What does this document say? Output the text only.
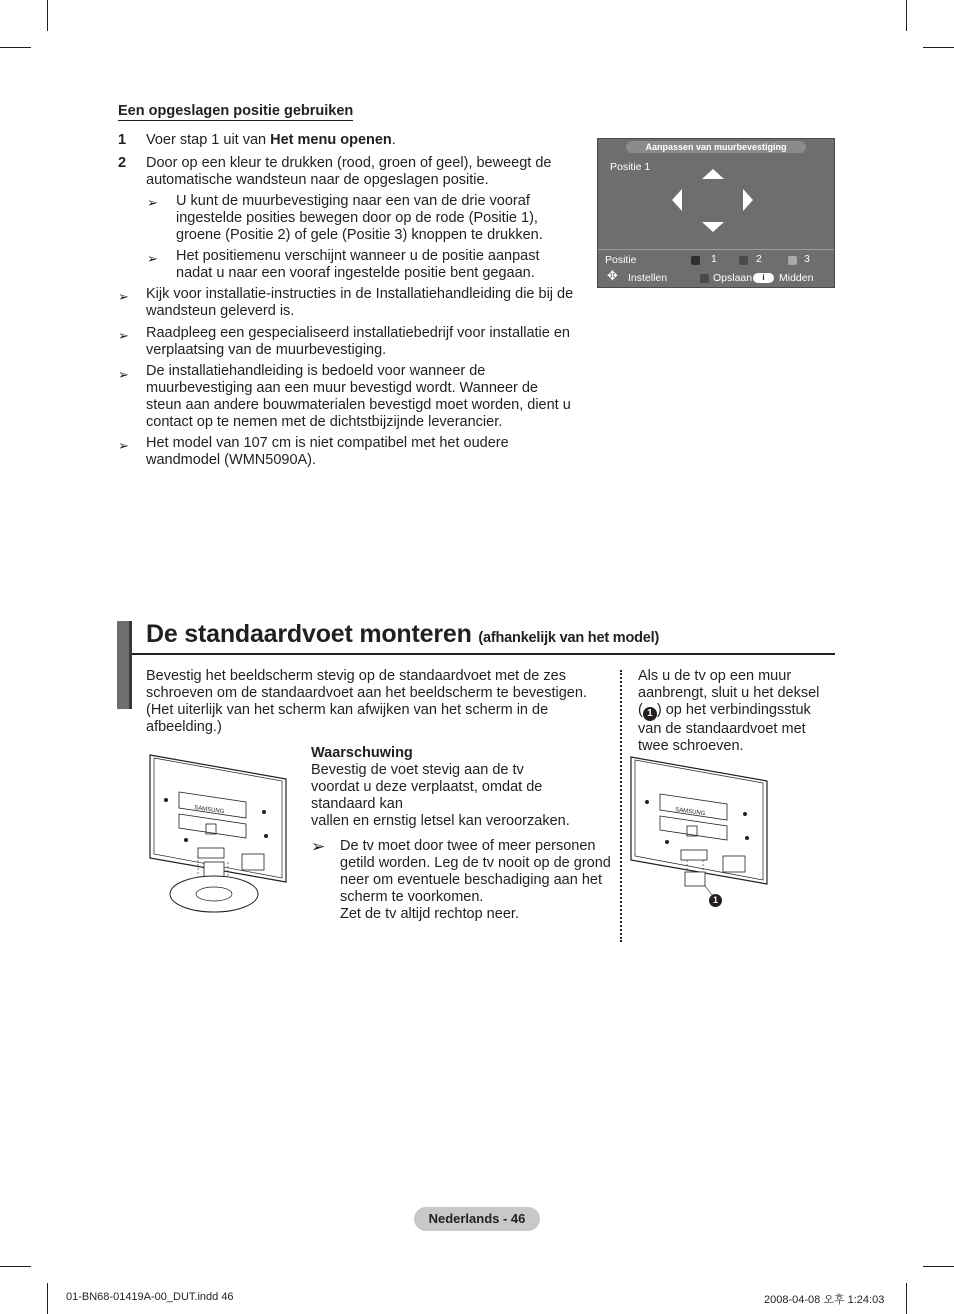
Een opgeslagen positie gebruiken
1 Voer stap 1 uit van Het menu openen.
2 Door op een kleur te drukken (rood, groen of geel), beweegt de
automatische wandsteun naar de opgeslagen positie.
➢ U kunt de muurbevestiging naar een van de drie vooraf
ingestelde posities bewegen door op de rode (Positie 1),
groene (Positie 2) of gele (Positie 3) knoppen te drukken.
➢ Het positiemenu verschijnt wanneer u de positie aanpast
nadat u naar een vooraf ingestelde positie bent gegaan.
➢ Kijk voor installatie-instructies in de Installatiehandleiding die bij de
wandsteun geleverd is.
➢ Raadpleeg een gespecialiseerd installatiebedrijf voor installatie en
verplaatsing van de muurbevestiging.
➢ De installatiehandleiding is bedoeld voor wanneer de
muurbevestiging aan een muur bevestigd wordt. Wanneer de
steun aan andere bouwmaterialen bevestigd moet worden, dient u
contact op te nemen met de dichtstbijzijnde leverancier.
➢ Het model van 107 cm is niet compatibel met het oudere
wandmodel (WMN5090A).
Aanpassen van muurbevestiging
Positie 1
Positie	1	2	3
✥ Instellen	Opslaan	i	Midden
De standaardvoet monteren (afhankelijk van het model)
Bevestig het beeldscherm stevig op de standaardvoet met de zes
schroeven om de standaardvoet aan het beeldscherm te bevestigen.
(Het uiterlijk van het scherm kan afwijken van het scherm in de
afbeelding.)
Waarschuwing
Bevestig de voet stevig aan de tv
voordat u deze verplaatst, omdat de
standaard kan
vallen en ernstig letsel kan veroorzaken.
➢ De tv moet door twee of meer personen
getild worden. Leg de tv nooit op de grond
neer om eventuele beschadiging aan het
scherm te voorkomen.
Zet de tv altijd rechtop neer.
Als u de tv op een muur
aanbrengt, sluit u het deksel
( 1 ) op het verbindingsstuk
van de standaardvoet met
twee schroeven.
SAMSUNG	SAMSUNG
1
Nederlands - 46
01-BN68-01419A-00_DUT.indd 46	2008-04-08 오후 1:24:03
